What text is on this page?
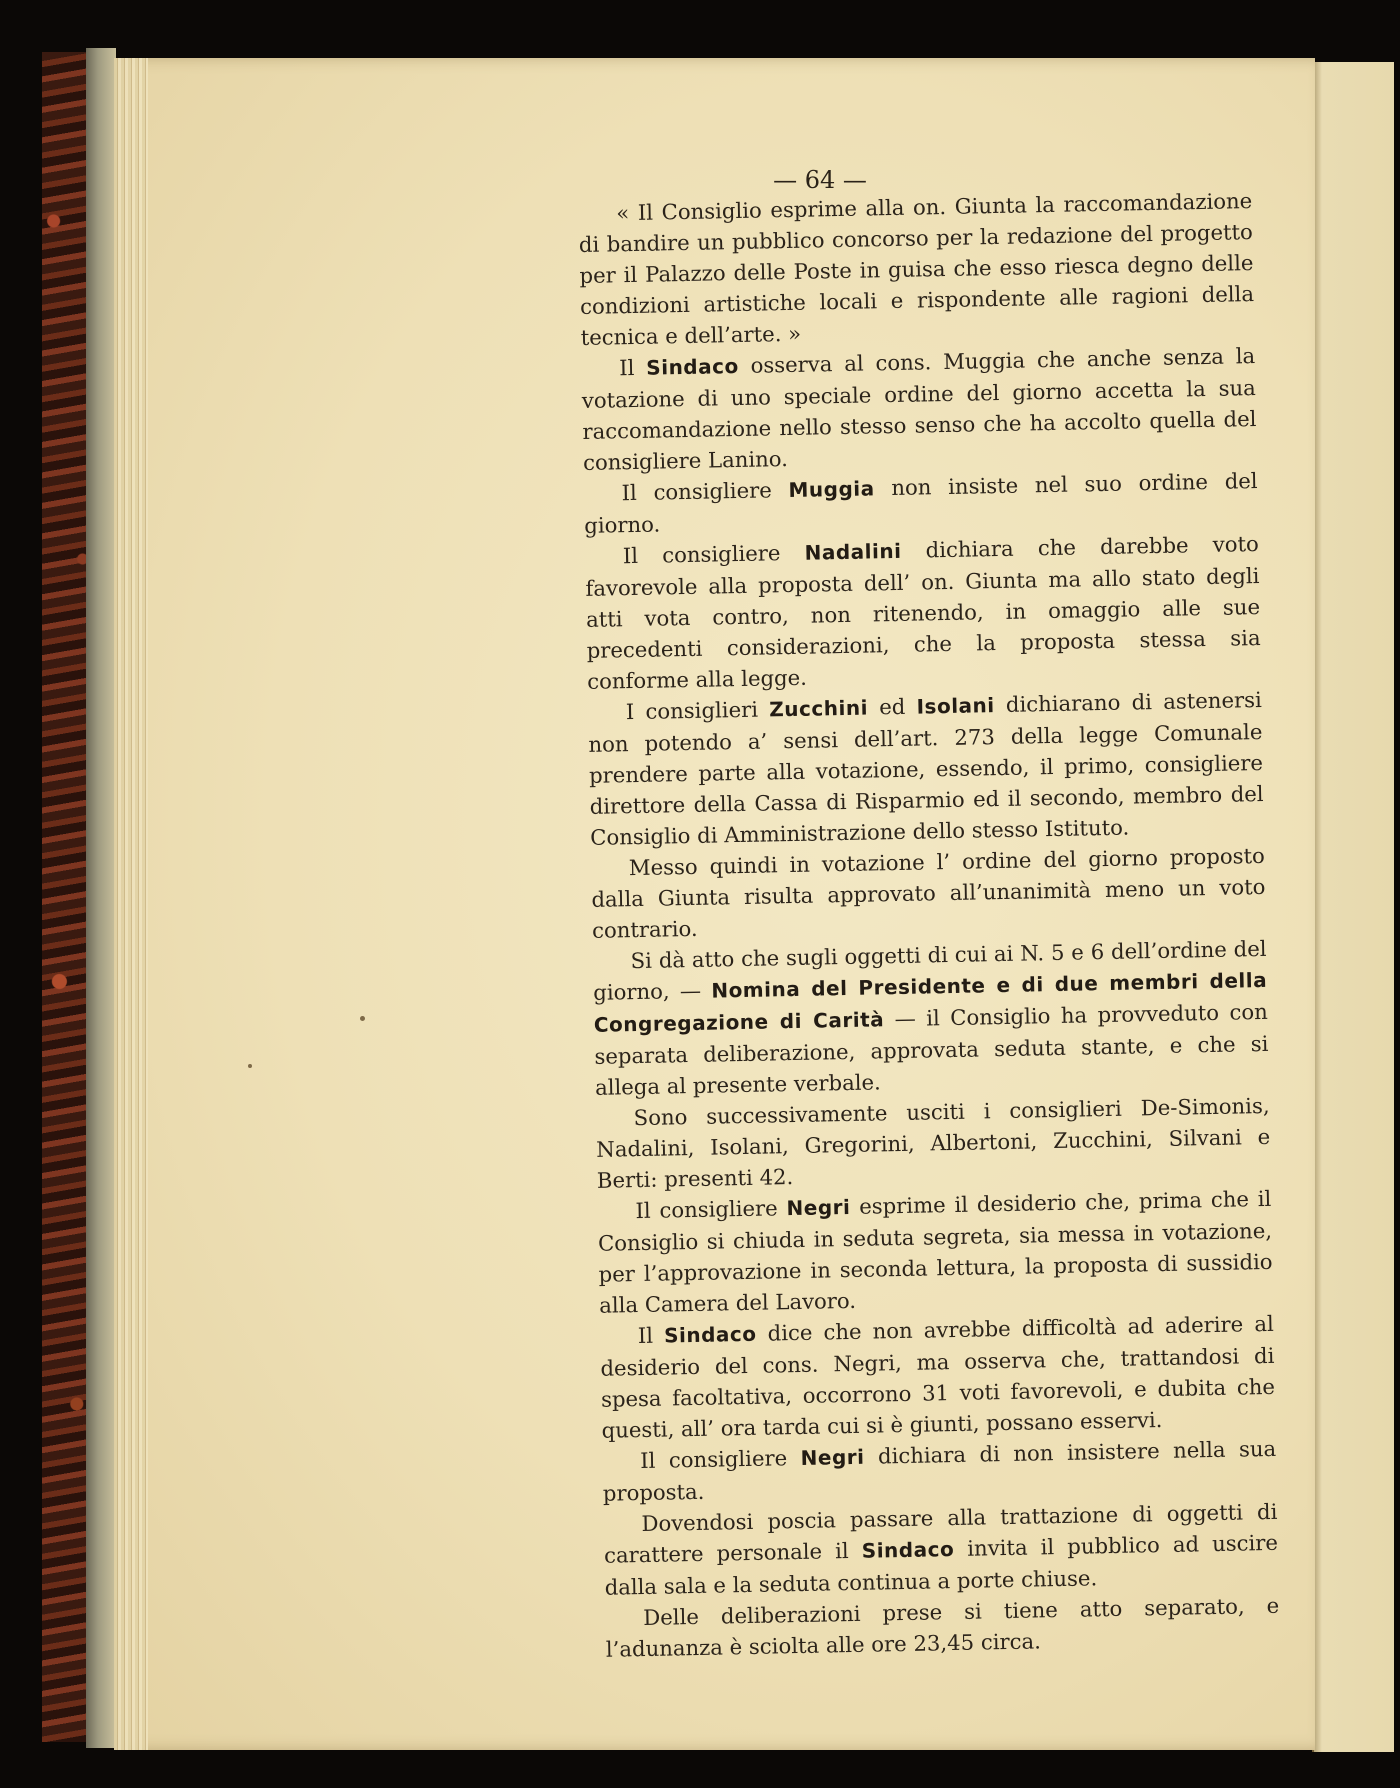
— 64 —

« Il Consiglio esprime alla on. Giunta la raccomandazione di bandire un pubblico concorso per la redazione del progetto per il Palazzo delle Poste in guisa che esso riesca degno delle condizioni artistiche locali e rispondente alle ragioni della tecnica e dell’arte. »

Il Sindaco osserva al cons. Muggia che anche senza la votazione di uno speciale ordine del giorno accetta la sua raccomandazione nello stesso senso che ha accolto quella del consigliere Lanino.

Il consigliere Muggia non insiste nel suo ordine del giorno.

Il consigliere Nadalini dichiara che darebbe voto favorevole alla proposta dell’ on. Giunta ma allo stato degli atti vota contro, non ritenendo, in omaggio alle sue precedenti considerazioni, che la proposta stessa sia conforme alla legge.

I consiglieri Zucchini ed Isolani dichiarano di astenersi non potendo a’ sensi dell’art. 273 della legge Comunale prendere parte alla votazione, essendo, il primo, consigliere direttore della Cassa di Risparmio ed il secondo, membro del Consiglio di Amministrazione dello stesso Istituto.

Messo quindi in votazione l’ ordine del giorno proposto dalla Giunta risulta approvato all’unanimità meno un voto contrario.

Si dà atto che sugli oggetti di cui ai N. 5 e 6 dell’ordine del giorno, — Nomina del Presidente e di due membri della Congregazione di Carità — il Consiglio ha provveduto con separata deliberazione, approvata seduta stante, e che si allega al presente verbale.

Sono successivamente usciti i consiglieri De-Simonis, Nadalini, Isolani, Gregorini, Albertoni, Zucchini, Silvani e Berti: presenti 42.

Il consigliere Negri esprime il desiderio che, prima che il Consiglio si chiuda in seduta segreta, sia messa in votazione, per l’approvazione in seconda lettura, la proposta di sussidio alla Camera del Lavoro.

Il Sindaco dice che non avrebbe difficoltà ad aderire al desiderio del cons. Negri, ma osserva che, trattandosi di spesa facoltativa, occorrono 31 voti favorevoli, e dubita che questi, all’ ora tarda cui si è giunti, possano esservi.

Il consigliere Negri dichiara di non insistere nella sua proposta.

Dovendosi poscia passare alla trattazione di oggetti di carattere personale il Sindaco invita il pubblico ad uscire dalla sala e la seduta continua a porte chiuse.

Delle deliberazioni prese si tiene atto separato, e l’adunanza è sciolta alle ore 23,45 circa.
